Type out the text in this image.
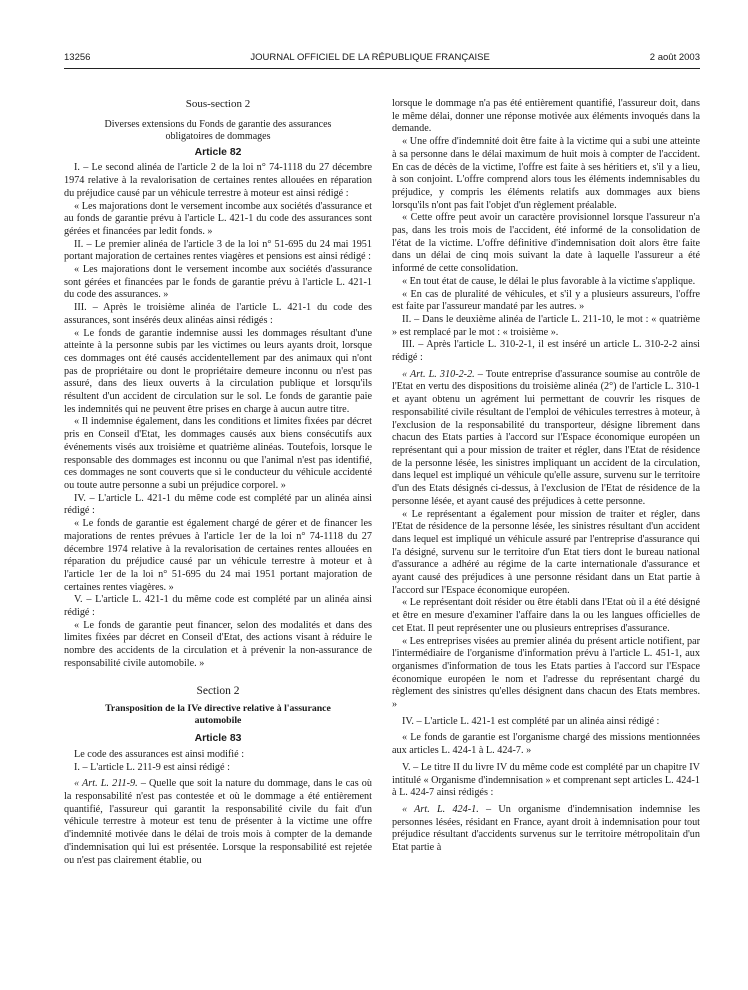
13256	JOURNAL OFFICIEL DE LA RÉPUBLIQUE FRANÇAISE	2 août 2003
Sous-section 2
Diverses extensions du Fonds de garantie des assurances obligatoires de dommages
Article 82

I. – Le second alinéa de l'article 2 de la loi n° 74-1118 du 27 décembre 1974 relative à la revalorisation de certaines rentes allouées en réparation du préjudice causé par un véhicule terrestre à moteur est ainsi rédigé :

« Les majorations dont le versement incombe aux sociétés d'assurance et au fonds de garantie prévu à l'article L. 421-1 du code des assurances sont gérées et financées par ledit fonds. »

II. – Le premier alinéa de l'article 3 de la loi n° 51-695 du 24 mai 1951 portant majoration de certaines rentes viagères et pensions est ainsi rédigé :

« Les majorations dont le versement incombe aux sociétés d'assurance sont gérées et financées par le fonds de garantie prévu à l'article L. 421-1 du code des assurances. »

III. – Après le troisième alinéa de l'article L. 421-1 du code des assurances, sont insérés deux alinéas ainsi rédigés :

« Le fonds de garantie indemnise aussi les dommages résultant d'une atteinte à la personne subis par les victimes ou leurs ayants droit, lorsque ces dommages ont été causés accidentellement par des animaux qui n'ont pas de propriétaire ou dont le propriétaire demeure inconnu ou n'est pas assuré, dans des lieux ouverts à la circulation publique et lorsqu'ils résultent d'un accident de circulation sur le sol. Le fonds de garantie paie les indemnités qui ne peuvent être prises en charge à aucun autre titre.

« Il indemnise également, dans les conditions et limites fixées par décret pris en Conseil d'Etat, les dommages causés aux biens consécutifs aux événements visés aux troisième et quatrième alinéas. Toutefois, lorsque le responsable des dommages est inconnu ou que l'animal n'est pas identifié, ces dommages ne sont couverts que si le conducteur du véhicule accidenté ou toute autre personne a subi un préjudice corporel. »

IV. – L'article L. 421-1 du même code est complété par un alinéa ainsi rédigé :

« Le fonds de garantie est également chargé de gérer et de financer les majorations de rentes prévues à l'article 1er de la loi n° 74-1118 du 27 décembre 1974 relative à la revalorisation de certaines rentes allouées en réparation du préjudice causé par un véhicule terrestre à moteur et à l'article 1er de la loi n° 51-695 du 24 mai 1951 portant majoration de certaines rentes viagères. »

V. – L'article L. 421-1 du même code est complété par un alinéa ainsi rédigé :

« Le fonds de garantie peut financer, selon des modalités et dans des limites fixées par décret en Conseil d'Etat, des actions visant à réduire le nombre des accidents de la circulation et à prévenir la non-assurance de responsabilité civile automobile. »

Section 2
Transposition de la IVe directive relative à l'assurance automobile
Article 83

Le code des assurances est ainsi modifié :

I. – L'article L. 211-9 est ainsi rédigé :

« Art. L. 211-9. – Quelle que soit la nature du dommage, dans le cas où la responsabilité n'est pas contestée et où le dommage a été entièrement quantifié, l'assureur qui garantit la responsabilité civile du fait d'un véhicule terrestre à moteur est tenu de présenter à la victime une offre d'indemnité motivée dans le délai de trois mois à compter de la demande d'indemnisation qui lui est présentée. Lorsque la responsabilité est rejetée ou n'est pas clairement établie, ou

lorsque le dommage n'a pas été entièrement quantifié, l'assureur doit, dans le même délai, donner une réponse motivée aux éléments invoqués dans la demande.

« Une offre d'indemnité doit être faite à la victime qui a subi une atteinte à sa personne dans le délai maximum de huit mois à compter de l'accident. En cas de décès de la victime, l'offre est faite à ses héritiers et, s'il y a lieu, à son conjoint. L'offre comprend alors tous les éléments indemnisables du préjudice, y compris les éléments relatifs aux dommages aux biens lorsqu'ils n'ont pas fait l'objet d'un règlement préalable.

« Cette offre peut avoir un caractère provisionnel lorsque l'assureur n'a pas, dans les trois mois de l'accident, été informé de la consolidation de l'état de la victime. L'offre définitive d'indemnisation doit alors être faite dans un délai de cinq mois suivant la date à laquelle l'assureur a été informé de cette consolidation.

« En tout état de cause, le délai le plus favorable à la victime s'applique.

« En cas de pluralité de véhicules, et s'il y a plusieurs assureurs, l'offre est faite par l'assureur mandaté par les autres. »

II. – Dans le deuxième alinéa de l'article L. 211-10, le mot : « quatrième » est remplacé par le mot : « troisième ».

III. – Après l'article L. 310-2-1, il est inséré un article L. 310-2-2 ainsi rédigé :

« Art. L. 310-2-2. – Toute entreprise d'assurance soumise au contrôle de l'Etat en vertu des dispositions du troisième alinéa (2°) de l'article L. 310-1 et ayant obtenu un agrément lui permettant de couvrir les risques de responsabilité civile résultant de l'emploi de véhicules terrestres à moteur, à l'exclusion de la responsabilité du transporteur, désigne librement dans chacun des Etats parties à l'accord sur l'Espace économique européen un représentant qui a pour mission de traiter et régler, dans l'Etat de résidence de la personne lésée, les sinistres impliquant un accident de la circulation, dans lequel est impliqué un véhicule qu'elle assure, survenu sur le territoire d'un des Etats désignés ci-dessus, à l'exclusion de l'Etat de résidence de la personne lésée, et ayant causé des préjudices à cette personne.

« Le représentant a également pour mission de traiter et régler, dans l'Etat de résidence de la personne lésée, les sinistres résultant d'un accident dans lequel est impliqué un véhicule assuré par l'entreprise d'assurance qui l'a désigné, survenu sur le territoire d'un Etat tiers dont le bureau national d'assurance a adhéré au régime de la carte internationale d'assurance et ayant causé des préjudices à une personne résidant dans un Etat partie à l'accord sur l'Espace économique européen.

« Le représentant doit résider ou être établi dans l'Etat où il a été désigné et être en mesure d'examiner l'affaire dans la ou les langues officielles de cet Etat. Il peut représenter une ou plusieurs entreprises d'assurance.

« Les entreprises visées au premier alinéa du présent article notifient, par l'intermédiaire de l'organisme d'information prévu à l'article L. 451-1, aux organismes d'information de tous les Etats parties à l'accord sur l'Espace économique européen le nom et l'adresse du représentant chargé du règlement des sinistres qu'elles désignent dans chacun des Etats membres. »

IV. – L'article L. 421-1 est complété par un alinéa ainsi rédigé :

« Le fonds de garantie est l'organisme chargé des missions mentionnées aux articles L. 424-1 à L. 424-7. »

V. – Le titre II du livre IV du même code est complété par un chapitre IV intitulé « Organisme d'indemnisation » et comprenant sept articles L. 424-1 à L. 424-7 ainsi rédigés :

« Art. L. 424-1. – Un organisme d'indemnisation indemnise les personnes lésées, résidant en France, ayant droit à indemnisation pour tout préjudice résultant d'accidents survenus sur le territoire métropolitain d'un Etat partie à
